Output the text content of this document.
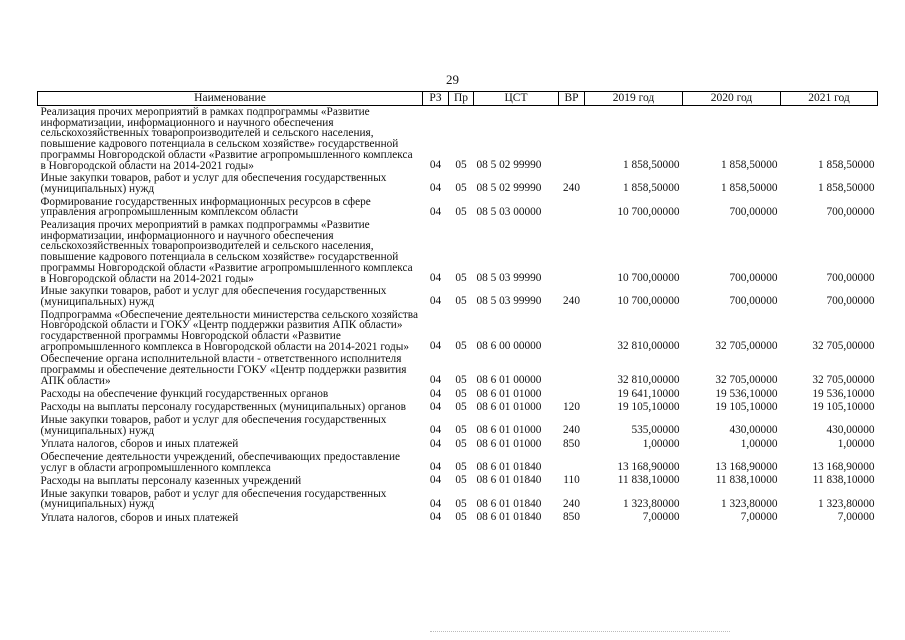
29
Наименование	РЗ	Пр	ЦСТ	ВР	2019 год	2020 год	2021 год
Реализация прочих мероприятий в рамках подпрограммы «Развитие информатизации, информационного и научного обеспечения сельскохозяйственных товаропроизводителей и сельского населения, повышение кадрового потенциала в сельском хозяйстве» государственной программы Новгородской области «Развитие агропромышленного комплекса в Новгородской области на 2014-2021 годы»	04	05	08 5 02 99990		1 858,50000	1 858,50000	1 858,50000
Иные закупки товаров, работ и услуг для обеспечения государственных (муниципальных) нужд	04	05	08 5 02 99990	240	1 858,50000	1 858,50000	1 858,50000
Формирование государственных информационных ресурсов в сфере управления агропромышленным комплексом области	04	05	08 5 03 00000		10 700,00000	700,00000	700,00000
Реализация прочих мероприятий в рамках подпрограммы «Развитие информатизации, информационного и научного обеспечения сельскохозяйственных товаропроизводителей и сельского населения, повышение кадрового потенциала в сельском хозяйстве» государственной программы Новгородской области «Развитие агропромышленного комплекса в Новгородской области на 2014-2021 годы»	04	05	08 5 03 99990		10 700,00000	700,00000	700,00000
Иные закупки товаров, работ и услуг для обеспечения государственных (муниципальных) нужд	04	05	08 5 03 99990	240	10 700,00000	700,00000	700,00000
Подпрограмма «Обеспечение деятельности министерства сельского хозяйства Новгородской области и ГОКУ «Центр поддержки развития АПК области» государственной программы Новгородской области «Развитие агропромышленного комплекса в Новгородской области на 2014-2021 годы»	04	05	08 6 00 00000		32 810,00000	32 705,00000	32 705,00000
Обеспечение органа исполнительной власти - ответственного исполнителя программы и обеспечение деятельности ГОКУ «Центр поддержки развития АПК области»	04	05	08 6 01 00000		32 810,00000	32 705,00000	32 705,00000
Расходы на обеспечение функций государственных органов	04	05	08 6 01 01000		19 641,10000	19 536,10000	19 536,10000
Расходы на выплаты персоналу государственных (муниципальных) органов	04	05	08 6 01 01000	120	19 105,10000	19 105,10000	19 105,10000
Иные закупки товаров, работ и услуг для обеспечения государственных (муниципальных) нужд	04	05	08 6 01 01000	240	535,00000	430,00000	430,00000
Уплата налогов, сборов и иных платежей	04	05	08 6 01 01000	850	1,00000	1,00000	1,00000
Обеспечение деятельности учреждений, обеспечивающих предоставление услуг в области агропромышленного комплекса	04	05	08 6 01 01840		13 168,90000	13 168,90000	13 168,90000
Расходы на выплаты персоналу казенных учреждений	04	05	08 6 01 01840	110	11 838,10000	11 838,10000	11 838,10000
Иные закупки товаров, работ и услуг для обеспечения государственных (муниципальных) нужд	04	05	08 6 01 01840	240	1 323,80000	1 323,80000	1 323,80000
Уплата налогов, сборов и иных платежей	04	05	08 6 01 01840	850	7,00000	7,00000	7,00000
